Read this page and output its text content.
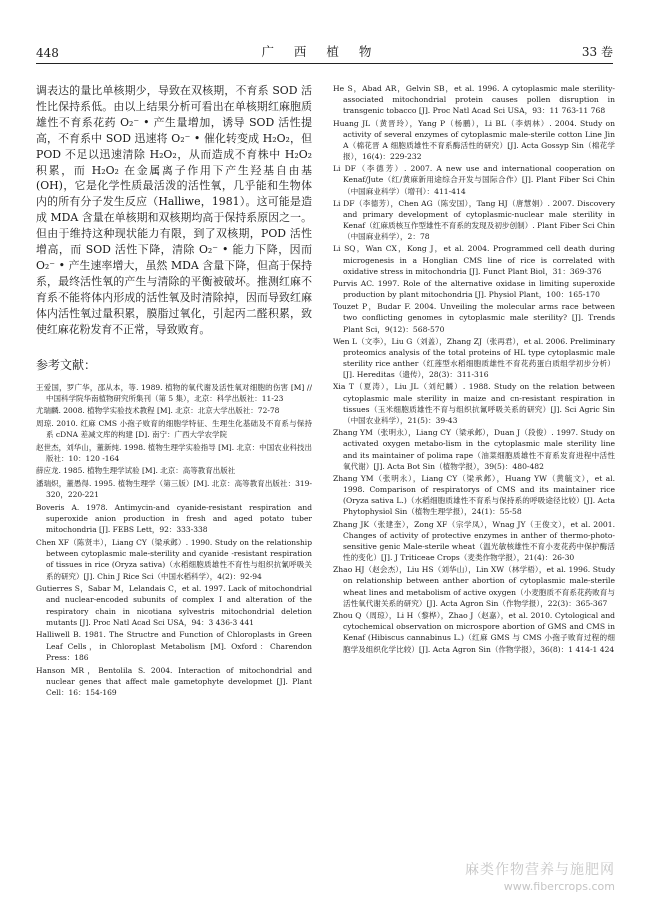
448	广 西 植 物	33 卷

调表达的量比单核期少，导致在双核期，不育系 SOD 活性比保持系低。由以上结果分析可看出在单核期红麻胞质雄性不育系花药 O₂⁻ • 产生量增加，诱导 SOD 活性提高，不育系中 SOD 迅速将 O₂⁻ • 催化转变成 H₂O₂，但 POD 不足以迅速清除 H₂O₂，从而造成不育株中 H₂O₂ 积累，而 H₂O₂ 在金属离子作用下产生羟基自由基(OH)，它是化学性质最活泼的活性氧，几乎能和生物体内的所有分子发生反应（Halliwe，1981）。这可能是造成 MDA 含量在单核期和双核期均高于保持系原因之一。但由于维持这种现状能力有限，到了双核期，POD 活性增高，而 SOD 活性下降，清除 O₂⁻ • 能力下降，因而 O₂⁻ • 产生速率增大，虽然 MDA 含量下降，但高于保持系，最终活性氧的产生与清除的平衡被破坏。推测红麻不育系不能将体内形成的活性氧及时清除掉，因而导致红麻体内活性氧过量积累，膜脂过氧化，引起丙二醛积累，致使红麻花粉发育不正常，导致败育。

参考文献：

王爱国，罗广华，邵从本，等. 1989. 植物的氧代谢及活性氧对细胞的伤害 [M] // 中国科学院华南植物研究所集刊（第 5 集），北京：科学出版社：11-23

尤瑞麟. 2008. 植物学实验技术教程 [M]. 北京：北京大学出版社：72-78

周琼. 2010. 红麻 CMS 小孢子败育的细胞学特征、生理生化基础及不育系与保持系 cDNA 差减文库的构建 [D]. 南宁：广西大学农学院

赵世杰，刘华山，董新纯. 1998. 植物生理学实验指导 [M]. 北京：中国农业科技出版社：10：120 -164

薛应龙. 1985. 植物生理学试验 [M]. 北京：高等教育出版社

潘瑞炽，董愚得. 1995. 植物生理学（第三版）[M]. 北京：高等教育出版社：319-320，220-221

Boveris A. 1978. Antimycin-and cyanide-resistant respiration and superoxide anion production in fresh and aged potato tuber mitochondria [J]. FEBS Lett，92：333-338

Chen XF（陈贤丰），Liang CY（梁承邺）. 1990. Study on the relationship between cytoplasmic male-sterility and cyanide -resistant respiration of tissues in rice (Oryza sativa)（水稻细胞质雄性不育性与组织抗氰呼吸关系的研究）[J]. Chin J Rice Sci（中国水稻科学），4(2)：92-94

Gutierres S，Sabar M，Lelandais C，et al. 1997. Lack of mitochondrial and nuclear-encoded subunits of complex I and alteration of the respiratory chain in nicotiana sylvestris mitochondrial deletion mutants [J]. Proc Natl Acad Sci USA，94：3 436-3 441

Halliwell B. 1981. The Structre and Function of Chloroplasts in Green Leaf Cells，in Chloroplast Metabolism [M]. Oxford：Charendon Press：186

Hanson MR，Bentolila S. 2004. Interaction of mitochondrial and nuclear genes that affect male gametophyte developmet [J]. Plant Cell：16：154-169

He S，Abad AR，Gelvin SB，et al. 1996. A cytoplasmic male sterility-associated mitochondrial protein causes pollen disruption in transgenic tobacco [J]. Proc Natl Acad Sci USA，93：11 763-11 768

Huang JL（黄晋玲），Yang P（杨鹏），Li BL（李炳林）. 2004. Study on activity of several enzymes of cytoplasmic male-sterile cotton Line Jin A（棉花晋 A 细胞质雄性不育系酶活性的研究）[J]. Acta Gossyp Sin（棉花学报），16(4)：229-232

Li DF（李德芳）. 2007. A new use and international cooperation on Kenaf/Jute（红/黄麻新用途综合开发与国际合作）[J]. Plant Fiber Sci Chin（中国麻业科学）（增刊）：411-414

Li DF（李德芳），Chen AG（陈安国），Tang HJ（唐慧娟）. 2007. Discovery and primary development of cytoplasmic-nuclear male sterility in Kenaf（红麻质核互作型雄性不育系的发现及初步创制）. Plant Fiber Sci Chin（中国麻业科学），2：78

Li SQ，Wan CX，Kong J，et al. 2004. Programmed cell death during microgenesis in a Honglian CMS line of rice is correlated with oxidative stress in mitochondria [J]. Funct Plant Biol，31：369-376

Purvis AC. 1997. Role of the alternative oxidase in limiting superoxide production by plant mitochondria [J]. Physiol Plant，100：165-170

Touzet P，Budar F. 2004. Unveiling the molecular arms race between two conflicting genomes in cytoplasmic male sterility? [J]. Trends Plant Sci，9(12)：568-570

Wen L（文李），Liu G（刘盖），Zhang ZJ（张再君），et al. 2006. Preliminary proteomics analysis of the total proteins of HL type cytoplasmic male sterility rice anther（红莲型水稻细胞质雄性不育花药蛋白质组学初步分析）[J]. Hereditas（遗传），28(3)：311-316

Xia T（夏涛），Liu JL（刘纪麟）. 1988. Study on the relation between cytoplasmic male sterility in maize and cn-resistant respiration in tissues（玉米细胞质雄性不育与组织抗氰呼吸关系的研究）[J]. Sci Agric Sin（中国农业科学），21(5)：39-43

Zhang YM（张明永），Liang CY（梁承邺），Duan J（段俊）. 1997. Study on activated oxygen metabo-lism in the cytoplasmic male sterility line and its maintainer of polima rape（油菜细胞质雄性不育系发育进程中活性氧代谢）[J]. Acta Bot Sin（植物学报），39(5)：480-482

Zhang YM（张明永），Liang CY（梁承邺），Huang YW（黄毓文），et al. 1998. Comparison of respiratorys of CMS and its maintainer rice (Oryza sativa L.)（水稻细胞质雄性不育系与保持系的呼吸途径比较）[J]. Acta Phytophysiol Sin（植物生理学报），24(1)：55-58

Zhang JK（张建奎），Zong XF（宗学凤），Wnag JY（王俊文），et al. 2001. Changes of activity of protective enzymes in anther of thermo-photo-sensitive genic Male-sterile wheat（温光敏核雄性不育小麦花药中保护酶活性的变化）[J]. J Triticeae Crops（麦类作物学报），21(4)：26-30

Zhao HJ（赵会杰），Liu HS（刘华山），Lin XW（林学梧），et al. 1996. Study on relationship between anther abortion of cytoplasmic male-sterile wheat lines and metabolism of active oxygen（小麦胞质不育系花药败育与活性氧代谢关系的研究）[J]. Acta Agron Sin（作物学报），22(3)：365-367

Zhou Q（周琼），Li H（黎桦），Zhao J（赵嘉），et al. 2010. Cytological and cytochemical observation on microspore abortion of GMS and CMS in Kenaf (Hibiscus cannabinus L.)（红麻 GMS 与 CMS 小孢子败育过程的细胞学及组织化学比较）[J]. Acta Agron Sin（作物学报），36(8)：1 414-1 424

麻类作物营养与施肥网
www.fibercrops.com
